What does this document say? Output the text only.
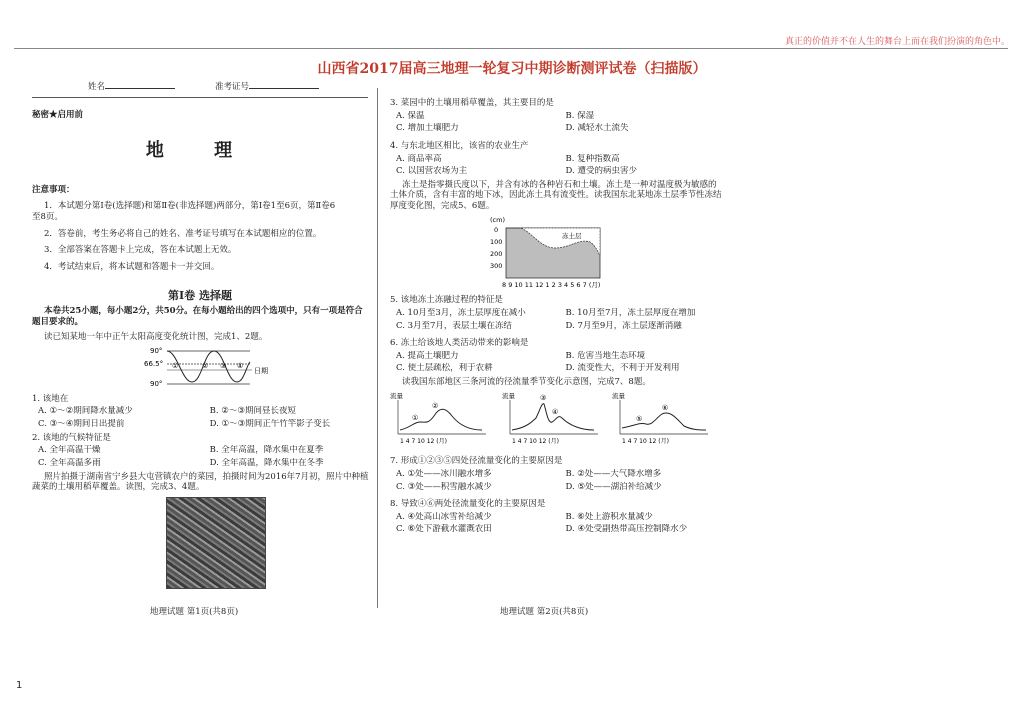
真正的价值并不在人生的舞台上而在我们扮演的角色中。
山西省2017届高三地理一轮复习中期诊断测评试卷（扫描版）
姓名	准考证号
秘密★启用前
地 理
注意事项：
1．本试题分第Ⅰ卷(选择题)和第Ⅱ卷(非选择题)两部分，第Ⅰ卷1至6页，第Ⅱ卷6
至8页。
2．答卷前，考生务必将自己的姓名、准考证号填写在本试题相应的位置。
3．全部答案在答题卡上完成，答在本试题上无效。
4．考试结束后，将本试题和答题卡一并交回。
第Ⅰ卷 选择题
本卷共25小题，每小题2分，共50分。在每小题给出的四个选项中，只有一项是符合
题目要求的。
读已知某地一年中正午太阳高度变化统计图，完成1、2题。
90°
66.5°
90°
日期
①	② ③ ④
1. 该地在
A. ①～②期间降水量减少	B. ②～③期间昼长夜短
C. ③～④期间日出提前	D. ①～③期间正午竹竿影子变长
2. 该地的气候特征是
A. 全年高温干燥	B. 全年高温，降水集中在夏季
C. 全年高温多雨	D. 全年高温，降水集中在冬季
照片拍摄于湖南省宁乡县大屯营镇农户的菜园，拍摄时间为2016年7月初，照片中种植
蔬菜的土壤用稻草覆盖。读图，完成3、4题。
地理试题 第1页(共8页)
3. 菜园中的土壤用稻草覆盖，其主要目的是
A. 保温	B. 保湿
C. 增加土壤肥力	D. 减轻水土流失
4. 与东北地区相比，该省的农业生产
A. 商品率高	B. 复种指数高
C. 以国营农场为主	D. 遭受的病虫害少
冻土是指零摄氏度以下，并含有冰的各种岩石和土壤。冻土是一种对温度极为敏感的
土体介质，含有丰富的地下冰，因此冻土具有流变性。读我国东北某地冻土层季节性冻结
厚度变化图，完成5、6题。
(cm)
0
100
200
300
冻土层
8 9 10 11 12 1 2 3 4 5 6 7 (月)
5. 该地冻土冻融过程的特征是
A. 10月至3月，冻土层厚度在减小	B. 10月至7月，冻土层厚度在增加
C. 3月至7月，表层土壤在冻结	D. 7月至9月，冻土层逐渐消融
6. 冻土给该地人类活动带来的影响是
A. 提高土壤肥力	B. 危害当地生态环境
C. 使土层疏松，利于农耕	D. 流变性大，不利于开发利用
读我国东部地区三条河流的径流量季节变化示意图，完成7、8题。
流量
①
②
1 4 7 10 12 (月)
流量	③
④
1 4 7 10 12 (月)
流量
⑤
⑥
1 4 7 10 12 (月)
7. 形成①②③⑤四处径流量变化的主要原因是
A. ①处——冰川融水增多	B. ②处——大气降水增多
C. ③处——积雪融水减少	D. ⑤处——湖泊补给减少
8. 导致④⑥两处径流量变化的主要原因是
A. ④处高山冰雪补给减少	B. ⑥处上游积水量减少
C. ⑥处下游截水灌溉农田	D. ④处受副热带高压控制降水少
地理试题 第2页(共8页)
1
